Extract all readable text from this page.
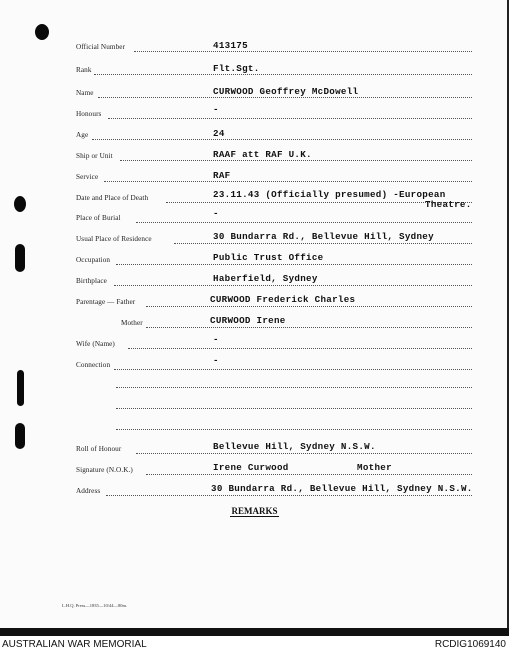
Official Number	413175
Rank	Flt.Sgt.
Name	CURWOOD Geoffrey McDowell
Honours	-
Age	24
Ship or Unit	RAAF att RAF U.K.
Service	RAF
Date and Place of Death	23.11.43 (Officially presumed) -European
Theatre.
Place of Burial	-
Usual Place of Residence	30 Bundarra Rd., Bellevue Hill, Sydney
Occupation	Public Trust Office
Birthplace	Haberfield, Sydney
Parentage — Father	CURWOOD Frederick Charles
Mother	CURWOOD Irene
Wife (Name)	-
Connection	-
Roll of Honour	Bellevue Hill, Sydney N.S.W.
Signature (N.O.K.)	Irene Curwood	Mother
Address	30 Bundarra Rd., Bellevue Hill, Sydney N.S.W.
REMARKS
L.H.Q. Press—1835—10/44—80m.
AUSTRALIAN WAR MEMORIAL	RCDIG1069140
